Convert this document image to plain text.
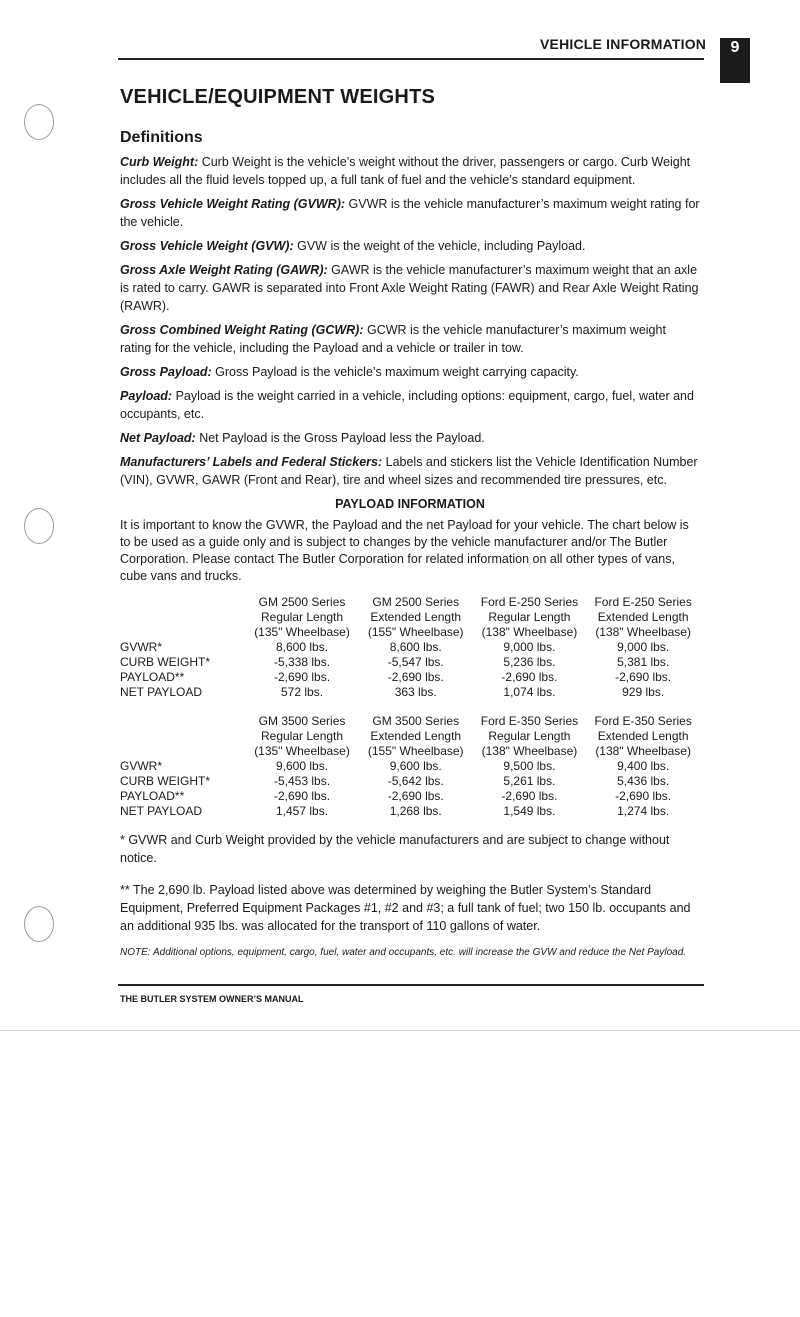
VEHICLE INFORMATION	9
VEHICLE/EQUIPMENT WEIGHTS
Definitions

Curb Weight: Curb Weight is the vehicle’s weight without the driver, passengers or cargo. Curb Weight includes all the fluid levels topped up, a full tank of fuel and the vehicle’s standard equipment.

Gross Vehicle Weight Rating (GVWR): GVWR is the vehicle manufacturer’s maximum weight rating for the vehicle.

Gross Vehicle Weight (GVW): GVW is the weight of the vehicle, including Payload.

Gross Axle Weight Rating (GAWR): GAWR is the vehicle manufacturer’s maximum weight that an axle is rated to carry. GAWR is separated into Front Axle Weight Rating (FAWR) and Rear Axle Weight Rating (RAWR).

Gross Combined Weight Rating (GCWR): GCWR is the vehicle manufacturer’s maximum weight rating for the vehicle, including the Payload and a vehicle or trailer in tow.

Gross Payload: Gross Payload is the vehicle’s maximum weight carrying capacity.

Payload: Payload is the weight carried in a vehicle, including options: equipment, cargo, fuel, water and occupants, etc.

Net Payload: Net Payload is the Gross Payload less the Payload.

Manufacturers’ Labels and Federal Stickers: Labels and stickers list the Vehicle Identification Number (VIN), GVWR, GAWR (Front and Rear), tire and wheel sizes and recommended tire pressures, etc.

PAYLOAD INFORMATION

It is important to know the GVWR, the Payload and the net Payload for your vehicle. The chart below is to be used as a guide only and is subject to changes by the vehicle manufacturer and/or The Butler Corporation. Please contact The Butler Corporation for related information on all other types of vans, cube vans and trucks.

	GM 2500 Series	GM 2500 Series	Ford E-250 Series	Ford E-250 Series
	Regular Length	Extended Length	Regular Length	Extended Length
	(135" Wheelbase)	(155" Wheelbase)	(138" Wheelbase)	(138" Wheelbase)
GVWR*	8,600 lbs.	8,600 lbs.	9,000 lbs.	9,000 lbs.
CURB WEIGHT*	-5,338 lbs.	-5,547 lbs.	5,236 lbs.	5,381 lbs.
PAYLOAD**	-2,690 lbs.	-2,690 lbs.	-2,690 lbs.	-2,690 lbs.
NET PAYLOAD	572 lbs.	363 lbs.	1,074 lbs.	929 lbs.
	GM 3500 Series	GM 3500 Series	Ford E-350 Series	Ford E-350 Series
	Regular Length	Extended Length	Regular Length	Extended Length
	(135" Wheelbase)	(155" Wheelbase)	(138" Wheelbase)	(138" Wheelbase)
GVWR*	9,600 lbs.	9,600 lbs.	9,500 lbs.	9,400 lbs.
CURB WEIGHT*	-5,453 lbs.	-5,642 lbs.	5,261 lbs.	5,436 lbs.
PAYLOAD**	-2,690 lbs.	-2,690 lbs.	-2,690 lbs.	-2,690 lbs.
NET PAYLOAD	1,457 lbs.	1,268 lbs.	1,549 lbs.	1,274 lbs.

* GVWR and Curb Weight provided by the vehicle manufacturers and are subject to change without notice.

** The 2,690 lb. Payload listed above was determined by weighing the Butler System’s Standard Equipment, Preferred Equipment Packages #1, #2 and #3; a full tank of fuel; two 150 lb. occupants and an additional 935 lbs. was allocated for the transport of 110 gallons of water.

NOTE: Additional options, equipment, cargo, fuel, water and occupants, etc. will increase the GVW and reduce the Net Payload.

THE BUTLER SYSTEM OWNER’S MANUAL
